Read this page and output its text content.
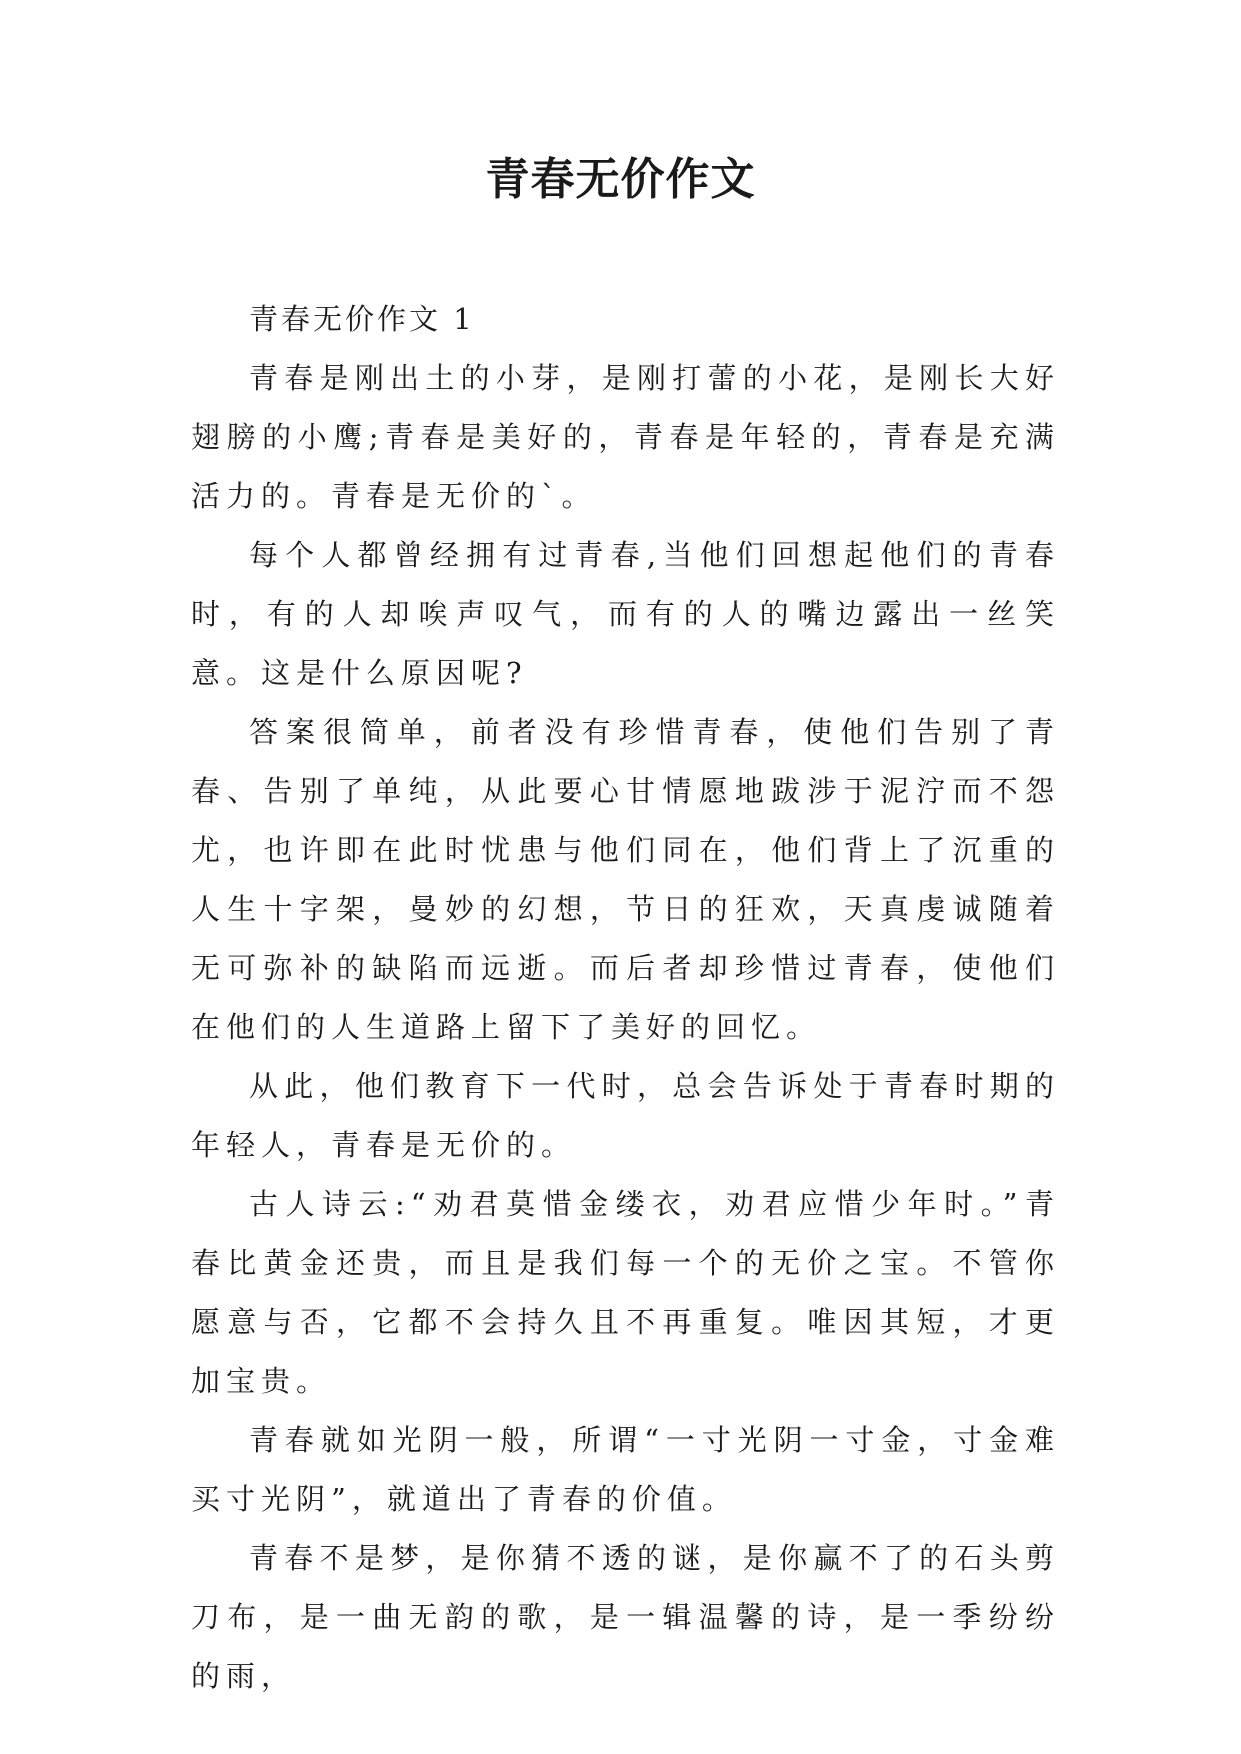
青春无价作文

青春无价作文 1

青春是刚出土的小芽，是刚打蕾的小花，是刚长大好翅膀的小鹰;青春是美好的，青春是年轻的，青春是充满活力的。青春是无价的`。

每个人都曾经拥有过青春,当他们回想起他们的青春时，有的人却唉声叹气，而有的人的嘴边露出一丝笑意。这是什么原因呢?

答案很简单，前者没有珍惜青春，使他们告别了青春、告别了单纯，从此要心甘情愿地跋涉于泥泞而不怨尤，也许即在此时忧患与他们同在，他们背上了沉重的人生十字架，曼妙的幻想，节日的狂欢，天真虔诚随着无可弥补的缺陷而远逝。而后者却珍惜过青春，使他们在他们的人生道路上留下了美好的回忆。

从此，他们教育下一代时，总会告诉处于青春时期的年轻人，青春是无价的。

古人诗云:“劝君莫惜金缕衣，劝君应惜少年时。”青春比黄金还贵，而且是我们每一个的无价之宝。不管你愿意与否，它都不会持久且不再重复。唯因其短，才更加宝贵。

青春就如光阴一般，所谓“一寸光阴一寸金，寸金难买寸光阴”，就道出了青春的价值。

青春不是梦，是你猜不透的谜，是你赢不了的石头剪刀布，是一曲无韵的歌，是一辑温馨的诗，是一季纷纷的雨，
